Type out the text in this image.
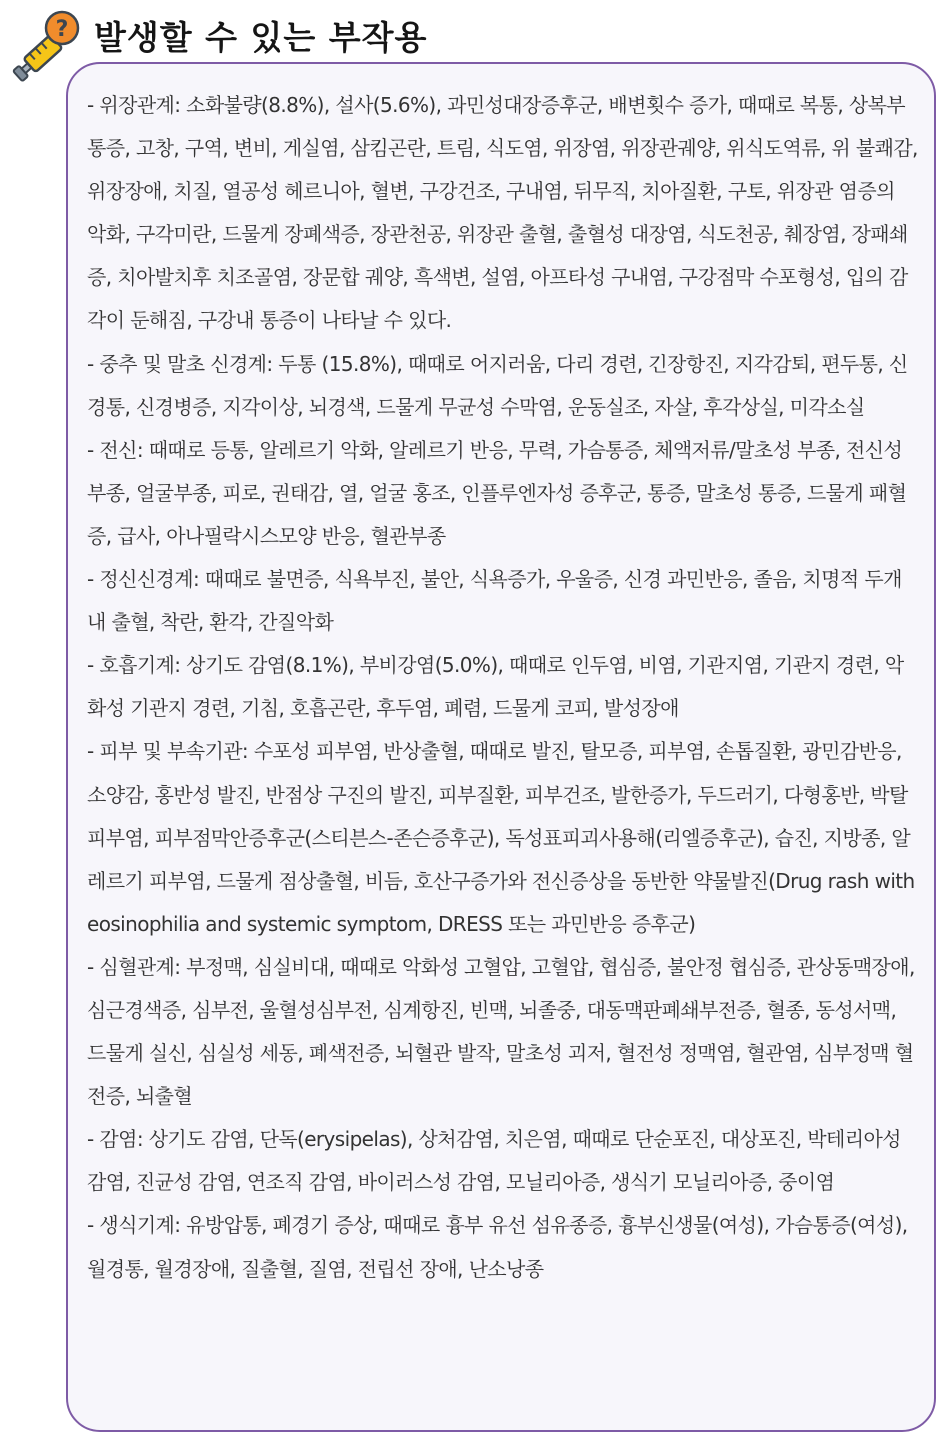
? 발생할 수 있는 부작용

- 위장관계: 소화불량(8.8%), 설사(5.6%), 과민성대장증후군, 배변횟수 증가, 때때로 복통, 상복부통증, 고창, 구역, 변비, 게실염, 삼킴곤란, 트림, 식도염, 위장염, 위장관궤양, 위식도역류, 위 불쾌감, 위장장애, 치질, 열공성 헤르니아, 혈변, 구강건조, 구내염, 뒤무직, 치아질환, 구토, 위장관 염증의 악화, 구각미란, 드물게 장폐색증, 장관천공, 위장관 출혈, 출혈성 대장염, 식도천공, 췌장염, 장패쇄증, 치아발치후 치조골염, 장문합 궤양, 흑색변, 설염, 아프타성 구내염, 구강점막 수포형성, 입의 감각이 둔해짐, 구강내 통증이 나타날 수 있다.

- 중추 및 말초 신경계: 두통 (15.8%), 때때로 어지러움, 다리 경련, 긴장항진, 지각감퇴, 편두통, 신경통, 신경병증, 지각이상, 뇌경색, 드물게 무균성 수막염, 운동실조, 자살, 후각상실, 미각소실

- 전신: 때때로 등통, 알레르기 악화, 알레르기 반응, 무력, 가슴통증, 체액저류/말초성 부종, 전신성 부종, 얼굴부종, 피로, 권태감, 열, 얼굴 홍조, 인플루엔자성 증후군, 통증, 말초성 통증, 드물게 패혈증, 급사, 아나필락시스모양 반응, 혈관부종

- 정신신경계: 때때로 불면증, 식욕부진, 불안, 식욕증가, 우울증, 신경 과민반응, 졸음, 치명적 두개내 출혈, 착란, 환각, 간질악화

- 호흡기계: 상기도 감염(8.1%), 부비강염(5.0%), 때때로 인두염, 비염, 기관지염, 기관지 경련, 악화성 기관지 경련, 기침, 호흡곤란, 후두염, 폐렴, 드물게 코피, 발성장애

- 피부 및 부속기관: 수포성 피부염, 반상출혈, 때때로 발진, 탈모증, 피부염, 손톱질환, 광민감반응, 소양감, 홍반성 발진, 반점상 구진의 발진, 피부질환, 피부건조, 발한증가, 두드러기, 다형홍반, 박탈피부염, 피부점막안증후군(스티븐스-존슨증후군), 독성표피괴사용해(리엘증후군), 습진, 지방종, 알레르기 피부염, 드물게 점상출혈, 비듬, 호산구증가와 전신증상을 동반한 약물발진(Drug rash with eosinophilia and systemic symptom, DRESS 또는 과민반응 증후군)

- 심혈관계: 부정맥, 심실비대, 때때로 악화성 고혈압, 고혈압, 협심증, 불안정 협심증, 관상동맥장애, 심근경색증, 심부전, 울혈성심부전, 심계항진, 빈맥, 뇌졸중, 대동맥판폐쇄부전증, 혈종, 동성서맥, 드물게 실신, 심실성 세동, 폐색전증, 뇌혈관 발작, 말초성 괴저, 혈전성 정맥염, 혈관염, 심부정맥 혈전증, 뇌출혈

- 감염: 상기도 감염, 단독(erysipelas), 상처감염, 치은염, 때때로 단순포진, 대상포진, 박테리아성 감염, 진균성 감염, 연조직 감염, 바이러스성 감염, 모닐리아증, 생식기 모닐리아증, 중이염

- 생식기계: 유방압통, 폐경기 증상, 때때로 흉부 유선 섬유종증, 흉부신생물(여성), 가슴통증(여성), 월경통, 월경장애, 질출혈, 질염, 전립선 장애, 난소낭종
